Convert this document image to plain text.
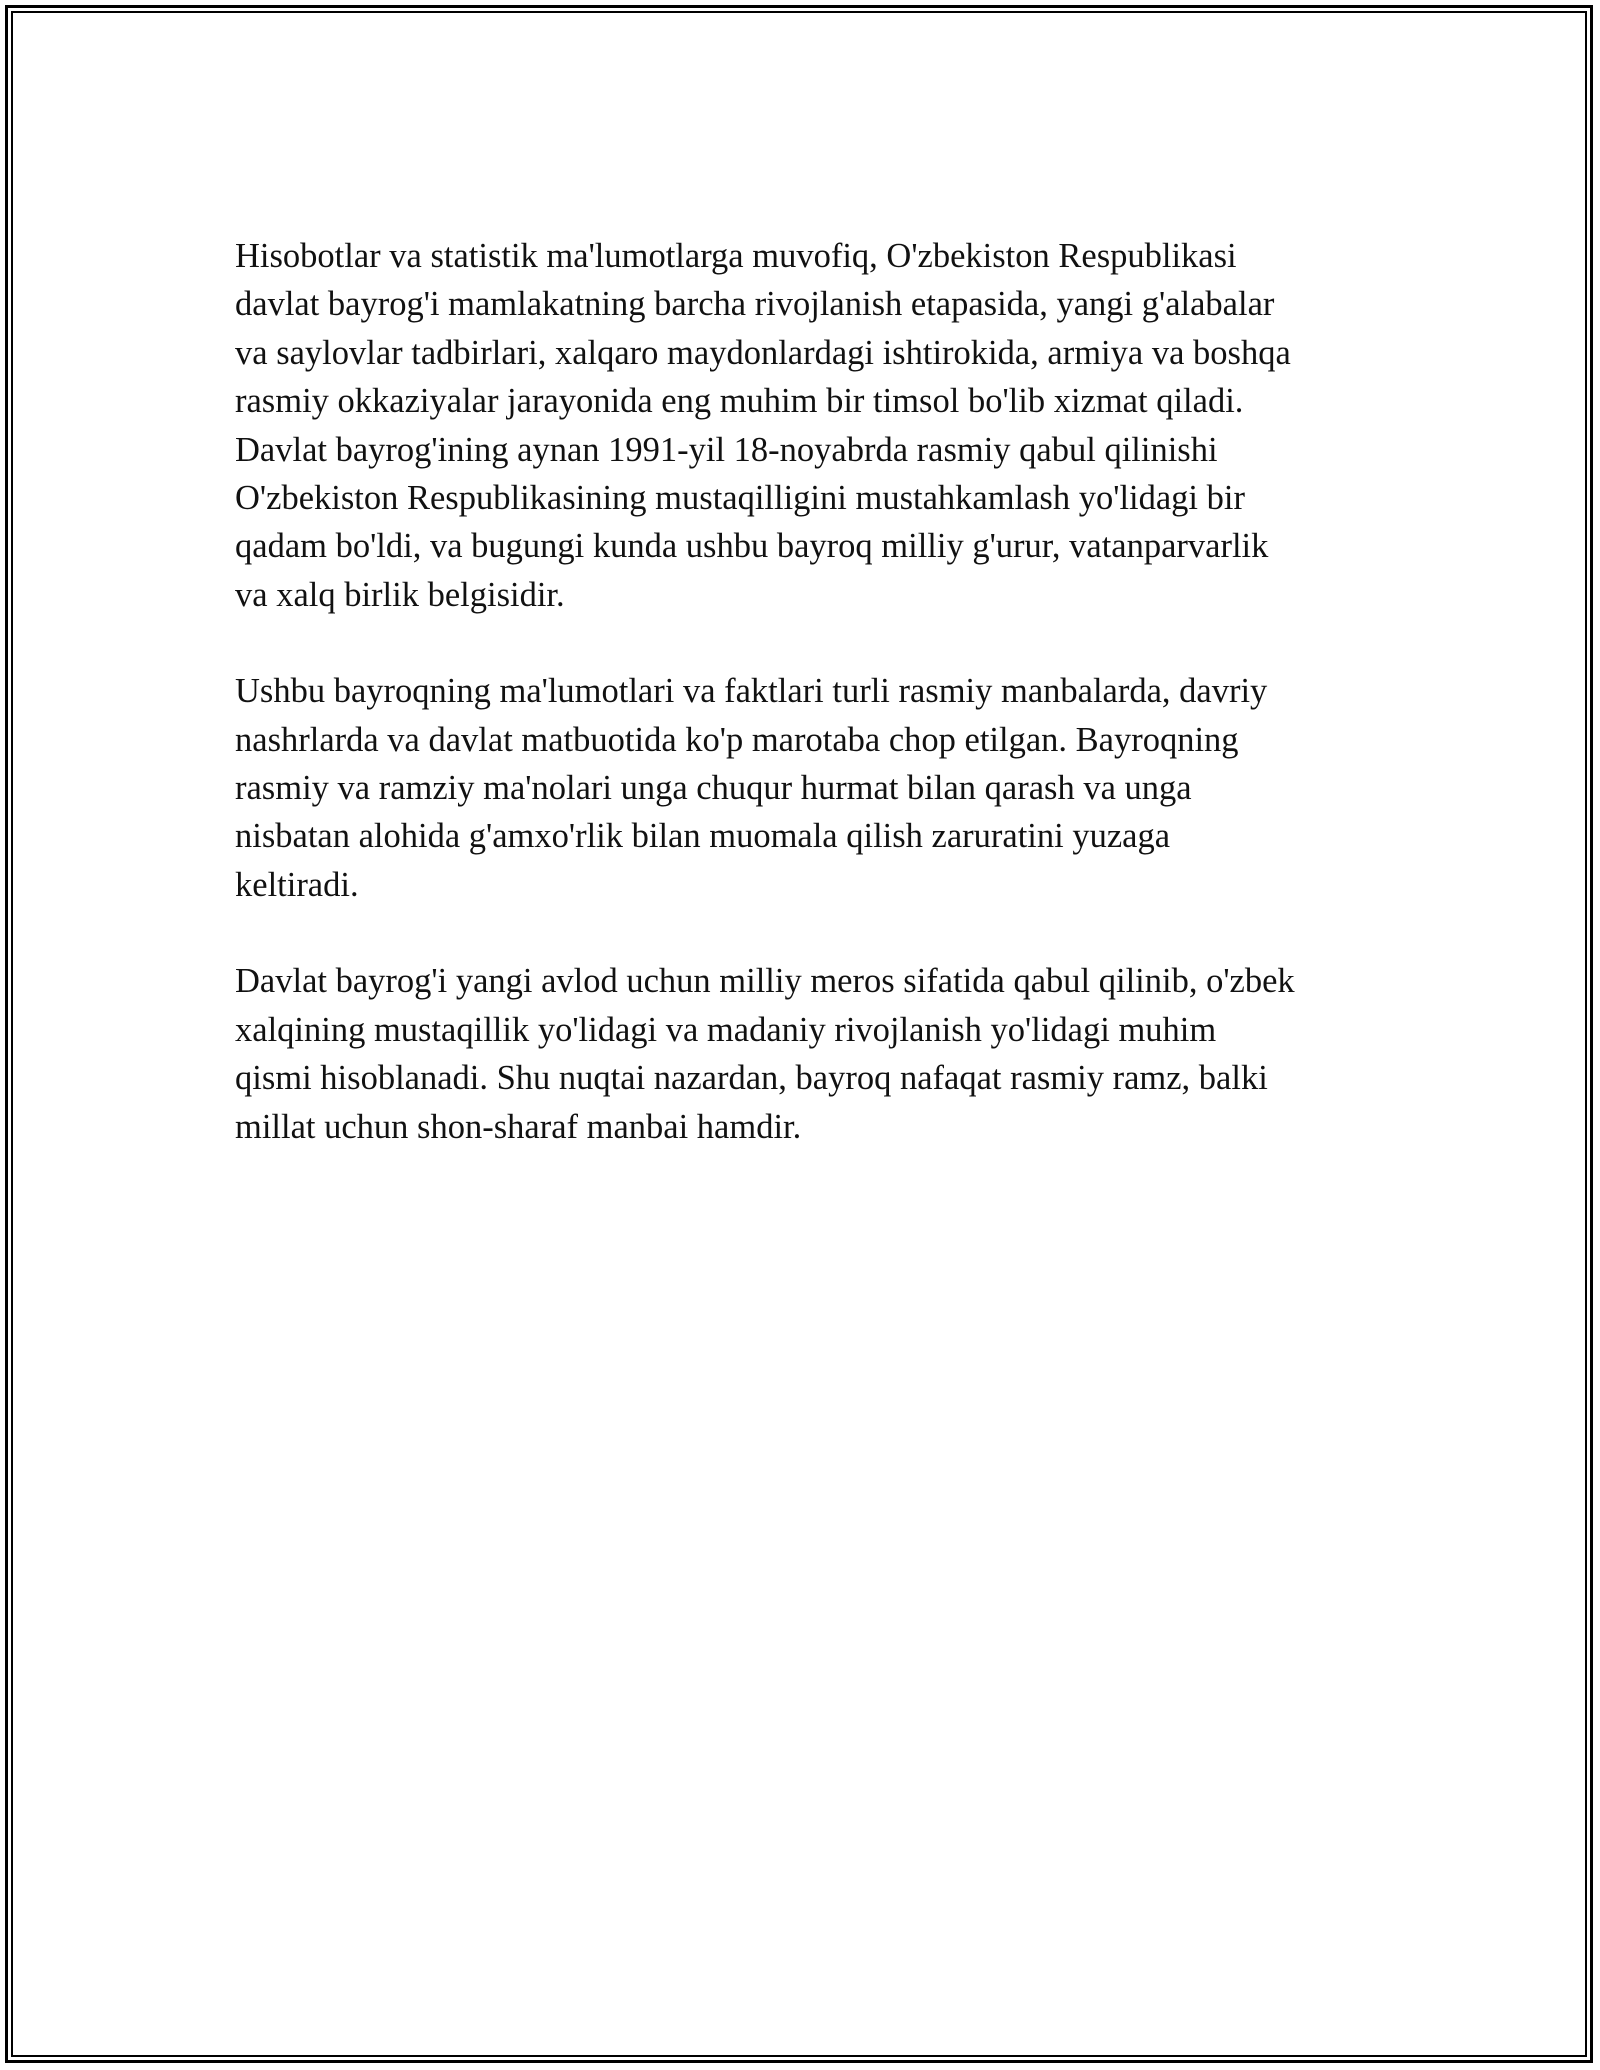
Hisobotlar va statistik ma'lumotlarga muvofiq, O'zbekiston Respublikasi
davlat bayrog'i mamlakatning barcha rivojlanish etapasida, yangi g'alabalar
va saylovlar tadbirlari, xalqaro maydonlardagi ishtirokida, armiya va boshqa
rasmiy okkaziyalar jarayonida eng muhim bir timsol bo'lib xizmat qiladi.
Davlat bayrog'ining aynan 1991-yil 18-noyabrda rasmiy qabul qilinishi
O'zbekiston Respublikasining mustaqilligini mustahkamlash yo'lidagi bir
qadam bo'ldi, va bugungi kunda ushbu bayroq milliy g'urur, vatanparvarlik
va xalq birlik belgisidir.

Ushbu bayroqning ma'lumotlari va faktlari turli rasmiy manbalarda, davriy
nashrlarda va davlat matbuotida ko'p marotaba chop etilgan. Bayroqning
rasmiy va ramziy ma'nolari unga chuqur hurmat bilan qarash va unga
nisbatan alohida g'amxo'rlik bilan muomala qilish zaruratini yuzaga
keltiradi.

Davlat bayrog'i yangi avlod uchun milliy meros sifatida qabul qilinib, o'zbek
xalqining mustaqillik yo'lidagi va madaniy rivojlanish yo'lidagi muhim
qismi hisoblanadi. Shu nuqtai nazardan, bayroq nafaqat rasmiy ramz, balki
millat uchun shon-sharaf manbai hamdir.
